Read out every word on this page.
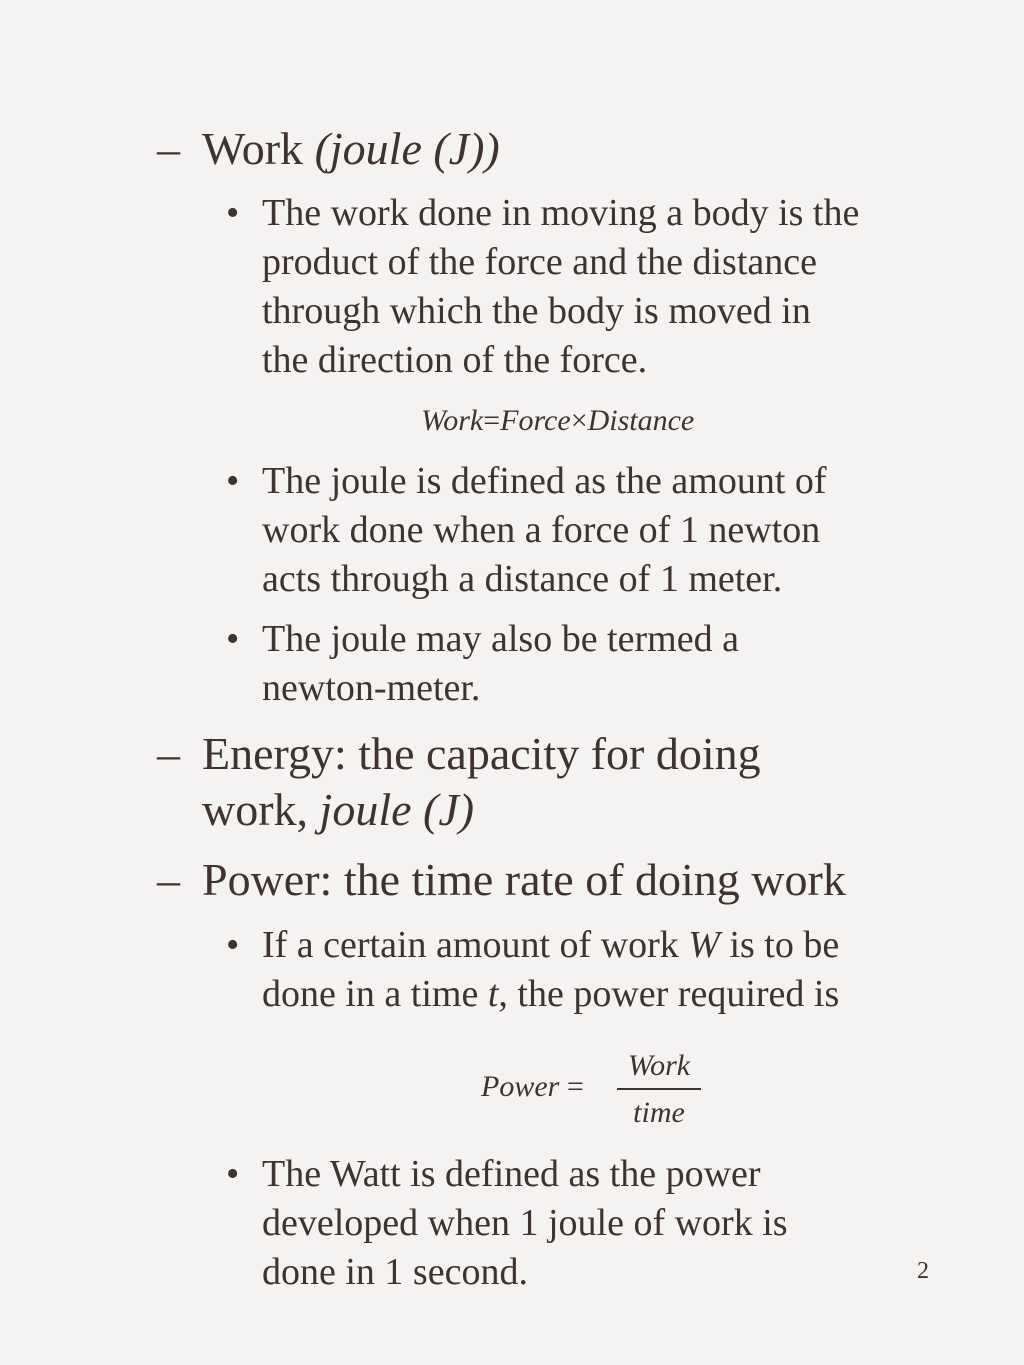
– Work (joule (J))
• The work done in moving a body is the
product of the force and the distance
through which the body is moved in
the direction of the force.
Work=Force×Distance
• The joule is defined as the amount of
work done when a force of 1 newton
acts through a distance of 1 meter.
• The joule may also be termed a
newton-meter.
– Energy: the capacity for doing
work, joule (J)
– Power: the time rate of doing work
• If a certain amount of work W is to be
done in a time t, the power required is
Power =
Work
time
• The Watt is defined as the power
developed when 1 joule of work is
done in 1 second.	2
